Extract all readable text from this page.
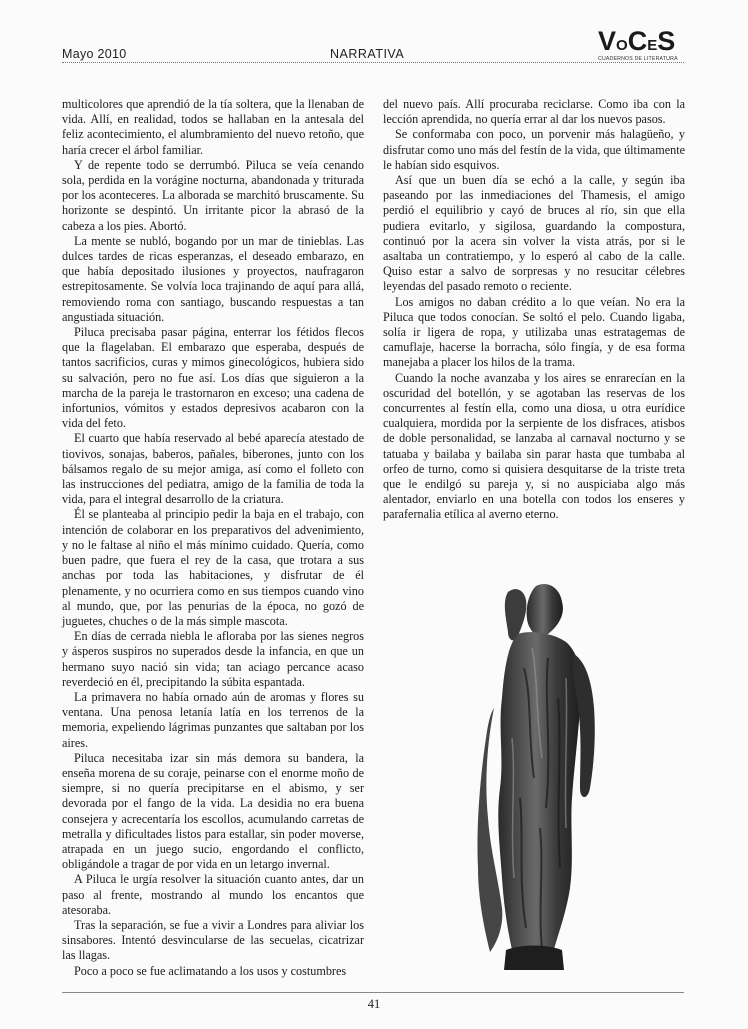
Mayo 2010	NARRATIVA	V O C E S
CUADERNOS DE LITERATURA

multicolores que aprendió de la tía soltera, que la llenaban de vida. Allí, en realidad, todos se hallaban en la antesala del feliz acontecimiento, el alumbramiento del nuevo retoño, que haría crecer el árbol familiar.

Y de repente todo se derrumbó. Piluca se veía cenando sola, perdida en la vorágine nocturna, abandonada y triturada por los aconteceres. La alborada se marchitó bruscamente. Su horizonte se despintó. Un irritante picor la abrasó de la cabeza a los pies. Abortó.

La mente se nubló, bogando por un mar de tinieblas. Las dulces tardes de ricas esperanzas, el deseado embarazo, en que había depositado ilusiones y proyectos, naufragaron estrepitosamente. Se volvía loca trajinando de aquí para allá, removiendo roma con santiago, buscando respuestas a tan angustiada situación.

Piluca precisaba pasar página, enterrar los fétidos flecos que la flagelaban. El embarazo que esperaba, después de tantos sacrificios, curas y mimos ginecológicos, hubiera sido su salvación, pero no fue así. Los días que siguieron a la marcha de la pareja le trastornaron en exceso; una cadena de infortunios, vómitos y estados depresivos acabaron con la vida del feto.

El cuarto que había reservado al bebé aparecía atestado de tiovivos, sonajas, baberos, pañales, biberones, junto con los bálsamos regalo de su mejor amiga, así como el folleto con las instrucciones del pediatra, amigo de la familia de toda la vida, para el integral desarrollo de la criatura.

Él se planteaba al principio pedir la baja en el trabajo, con intención de colaborar en los preparativos del advenimiento, y no le faltase al niño el más mínimo cuidado. Quería, como buen padre, que fuera el rey de la casa, que trotara a sus anchas por toda las habitaciones, y disfrutar de él plenamente, y no ocurriera como en sus tiempos cuando vino al mundo, que, por las penurias de la época, no gozó de juguetes, chuches o de la más simple mascota.

En días de cerrada niebla le afloraba por las sienes negros y ásperos suspiros no superados desde la infancia, en que un hermano suyo nació sin vida; tan aciago percance acaso reverdeció en él, precipitando la súbita espantada.

La primavera no había ornado aún de aromas y flores su ventana. Una penosa letanía latía en los terrenos de la memoria, expeliendo lágrimas punzantes que saltaban por los aires.

Piluca necesitaba izar sin más demora su bandera, la enseña morena de su coraje, peinarse con el enorme moño de siempre, si no quería precipitarse en el abismo, y ser devorada por el fango de la vida. La desidia no era buena consejera y acrecentaría los escollos, acumulando carretas de metralla y dificultades listos para estallar, sin poder moverse, atrapada en un juego sucio, engordando el conflicto, obligándole a tragar de por vida en un letargo invernal.

A Piluca le urgía resolver la situación cuanto antes, dar un paso al frente, mostrando al mundo los encantos que atesoraba.

Tras la separación, se fue a vivir a Londres para aliviar los sinsabores. Intentó desvincularse de las secuelas, cicatrizar las llagas.

Poco a poco se fue aclimatando a los usos y costumbres

del nuevo país. Allí procuraba reciclarse. Como iba con la lección aprendida, no quería errar al dar los nuevos pasos.

Se conformaba con poco, un porvenir más halagüeño, y disfrutar como uno más del festín de la vida, que últimamente le habían sido esquivos.

Así que un buen día se echó a la calle, y según iba paseando por las inmediaciones del Thamesis, el amigo perdió el equilibrio y cayó de bruces al río, sin que ella pudiera evitarlo, y sigilosa, guardando la compostura, continuó por la acera sin volver la vista atrás, por si le asaltaba un contratiempo, y lo esperó al cabo de la calle. Quiso estar a salvo de sorpresas y no resucitar célebres leyendas del pasado remoto o reciente.

Los amigos no daban crédito a lo que veían. No era la Piluca que todos conocían. Se soltó el pelo. Cuando ligaba, solía ir ligera de ropa, y utilizaba unas estratagemas de camuflaje, hacerse la borracha, sólo fingía, y de esa forma manejaba a placer los hilos de la trama.

Cuando la noche avanzaba y los aires se enrarecían en la oscuridad del botellón, y se agotaban las reservas de los concurrentes al festín ella, como una diosa, u otra eurídice cualquiera, mordida por la serpiente de los disfraces, atisbos de doble personalidad, se lanzaba al carnaval nocturno y se tatuaba y bailaba y bailaba sin parar hasta que tumbaba al orfeo de turno, como si quisiera desquitarse de la triste treta que le endilgó su pareja y, si no auspiciaba algo más alentador, enviarlo en una botella con todos los enseres y parafernalia etílica al averno eterno.

41
